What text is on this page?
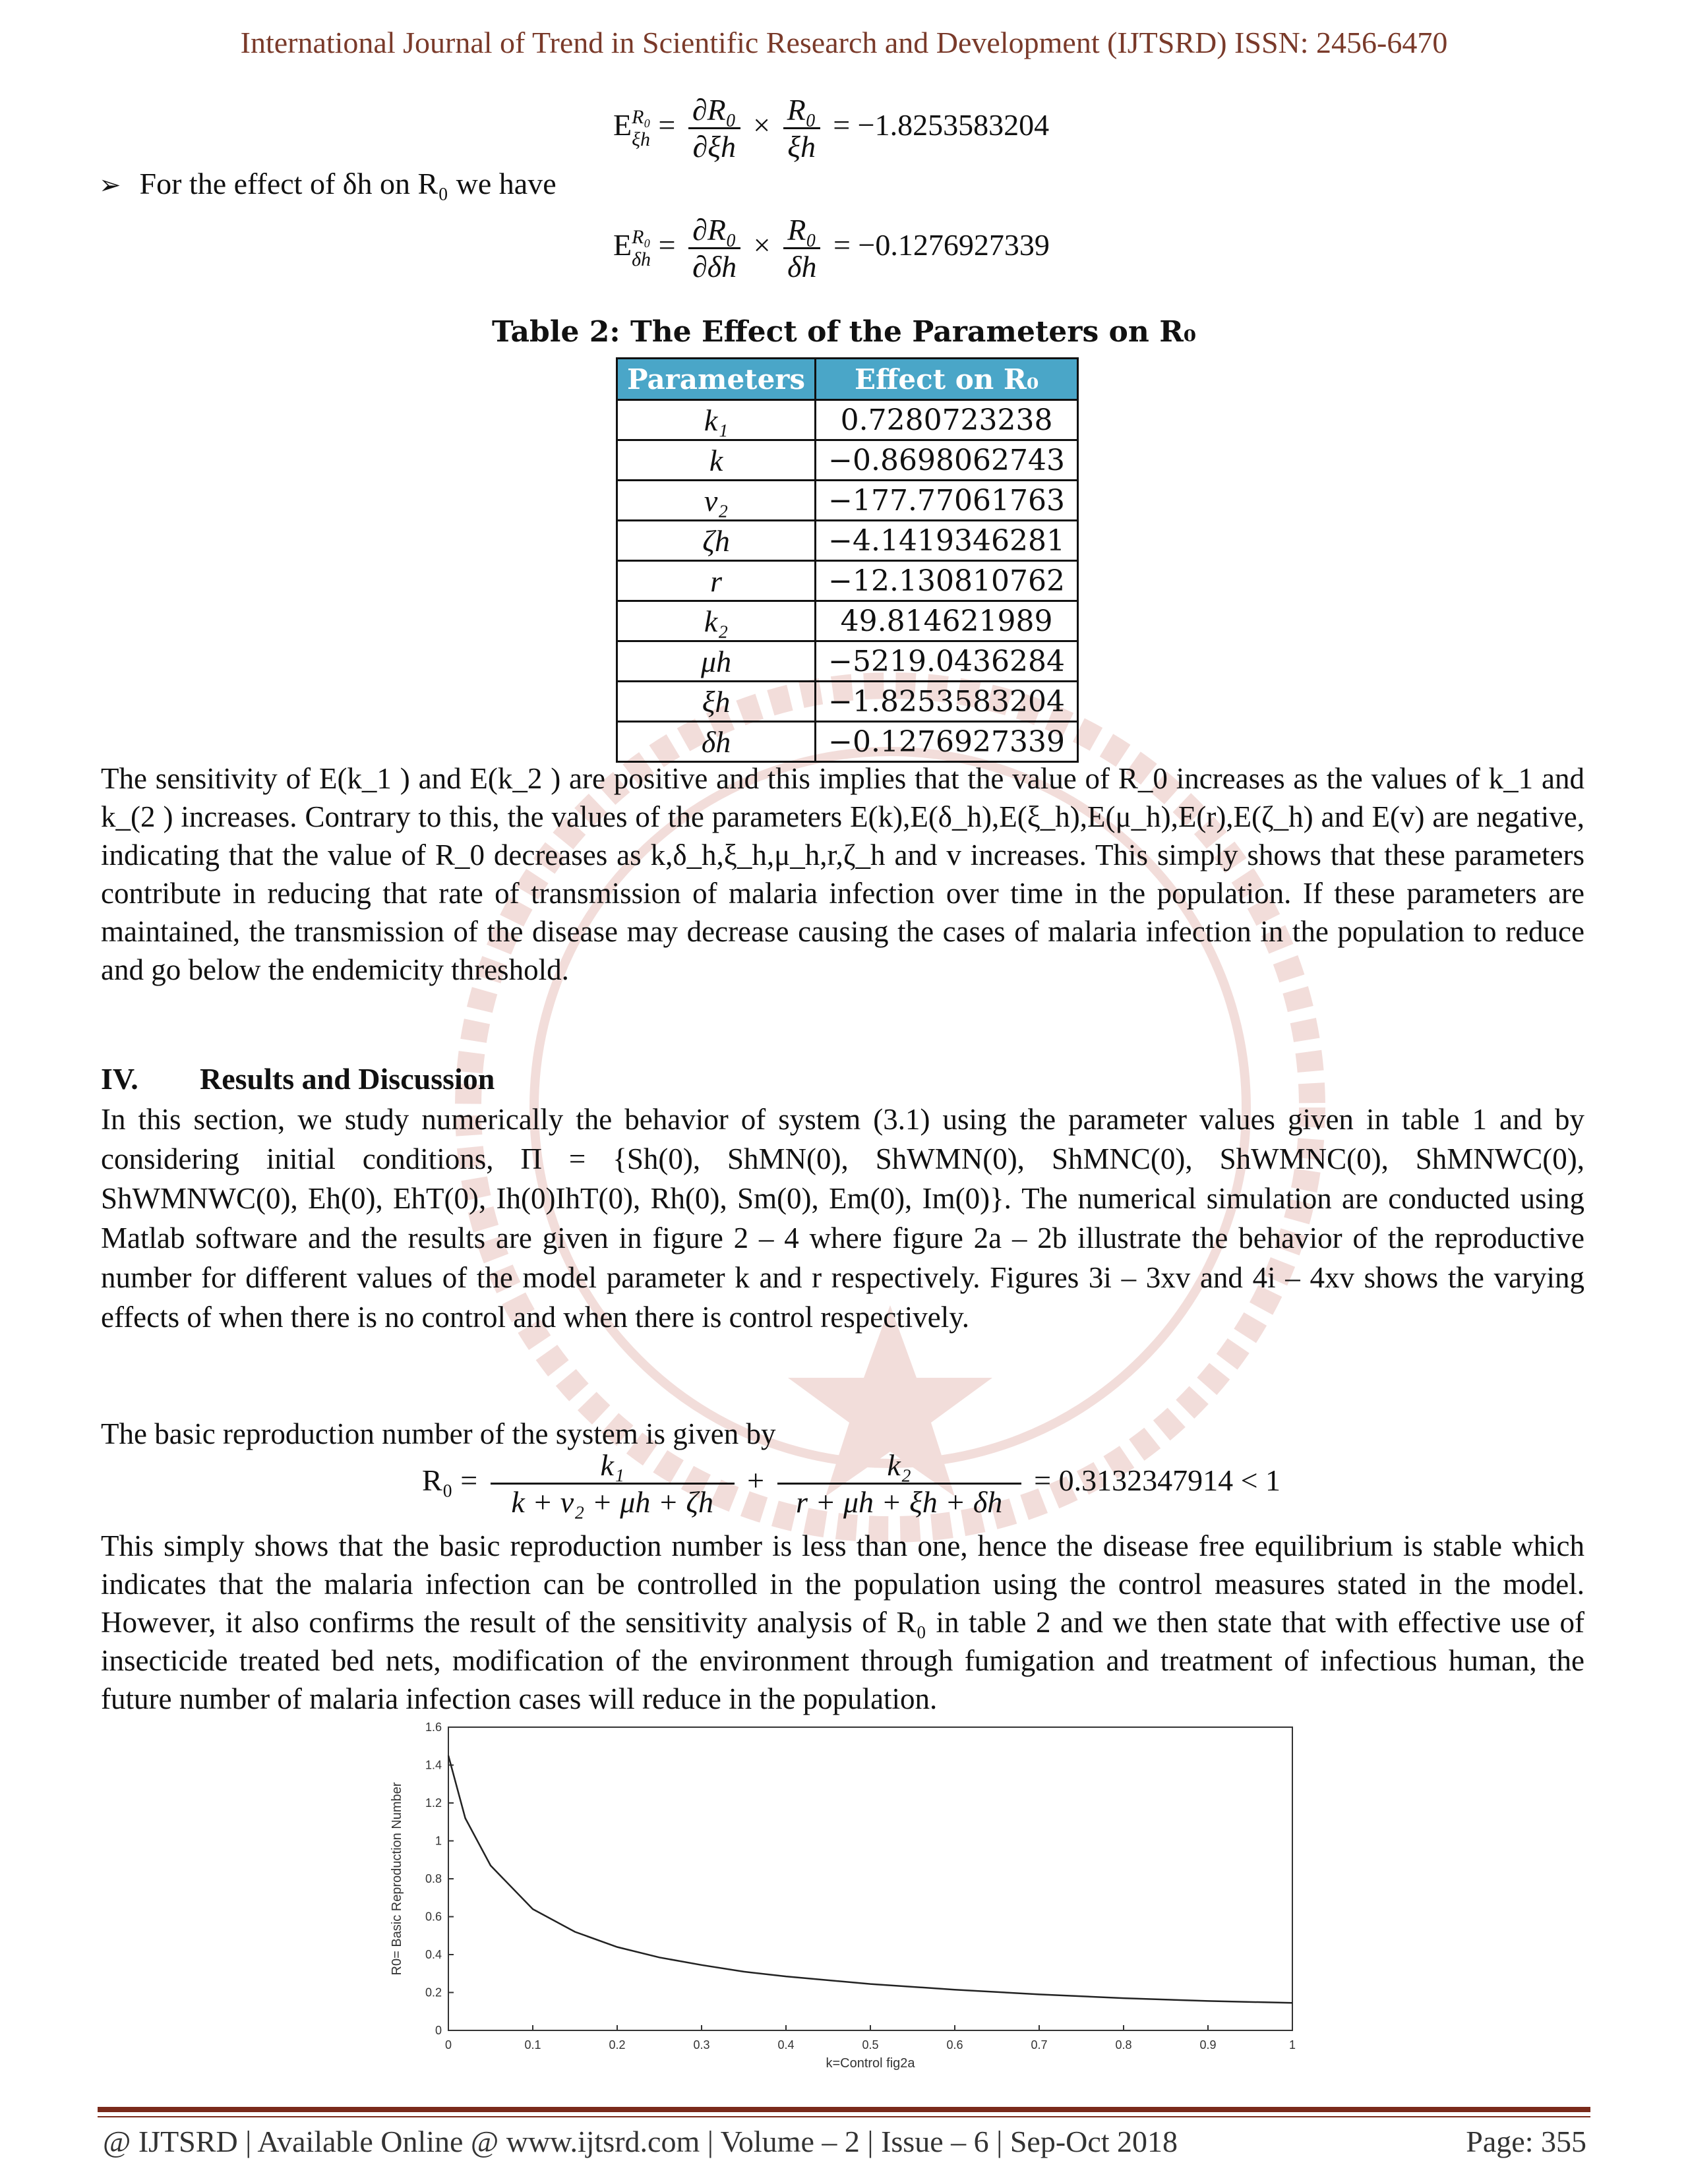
International Journal of Trend in Scientific Research and Development (IJTSRD) ISSN: 2456-6470
E R₀
$\xi h = \frac{\text{∂R₀}}{\partial\xi h} \times \frac{\text{R₀}}{\xi h} = -1.8253583204$
➢ For the effect of δh on R₀ we have
E R₀
$\delta h = \frac{\text{∂R₀}}{\partial\delta h} \times \frac{\text{R₀}}{\delta h} = -0.1276927339$
Table 2: The Effect of the Parameters on R₀
Parameters	Effect on R₀
k₁	0.7280723238
k	−0.8698062743
v₂	−177.77061763
ζh	−4.1419346281
r	−12.130810762
k₂	49.814621989
μh	−5219.0436284
ξh	−1.8253583204
δh	−0.1276927339
The sensitivity of E(k_1 ) and E(k_2 ) are positive and this implies that the value of R_0 increases as the values of k_1 and k_(2 ) increases. Contrary to this, the values of the parameters E(k),E(δ_h),E(ξ_h),E(μ_h),E(r),E(ζ_h) and E(v) are negative, indicating that the value of R_0 decreases as k,δ_h,ξ_h,μ_h,r,ζ_h and v increases. This simply shows that these parameters contribute in reducing that rate of transmission of malaria infection over time in the population. If these parameters are maintained, the transmission of the disease may decrease causing the cases of malaria infection in the population to reduce and go below the endemicity threshold.
IV. Results and Discussion
In this section, we study numerically the behavior of system (3.1) using the parameter values given in table 1 and by considering initial conditions, Π = {Sh(0), ShMN(0), ShWMN(0), ShMNC(0), ShWMNC(0), ShMNWC(0), ShWMNWC(0), Eh(0), EhT(0), Ih(0)IhT(0), Rh(0), Sm(0), Em(0), Im(0)}. The numerical simulation are conducted using Matlab software and the results are given in figure 2 – 4 where figure 2a – 2b illustrate the behavior of the reproductive number for different values of the model parameter k and r respectively. Figures 3i – 3xv and 4i – 4xv shows the varying effects of when there is no control and when there is control respectively.
The basic reproduction number of the system is given by
$R_0 = \frac{\text{k₁}}{\text{k + v₂ + μh + ζh}} + \frac{\text{k₂}}{r + \mu h + \xi h + \delta h} = 0.3132347914 < 1$
This simply shows that the basic reproduction number is less than one, hence the disease free equilibrium is stable which indicates that the malaria infection can be controlled in the population using the control measures stated in the model. However, it also confirms the result of the sensitivity analysis of R₀ in table 2 and we then state that with effective use of insecticide treated bed nets, modification of the environment through fumigation and treatment of infectious human, the future number of malaria infection cases will reduce in the population.
0	0.1	0.2	0.3	0.4	0.5	0.6	0.7	0.8	0.9	1
0
0.2
0.4
0.6
0.8
1
1.2
1.4
1.6
k=Control fig2a
R0= Basic Reproduction Number
@ IJTSRD | Available Online @ www.ijtsrd.com | Volume – 2 | Issue – 6 | Sep-Oct 2018	Page: 355
